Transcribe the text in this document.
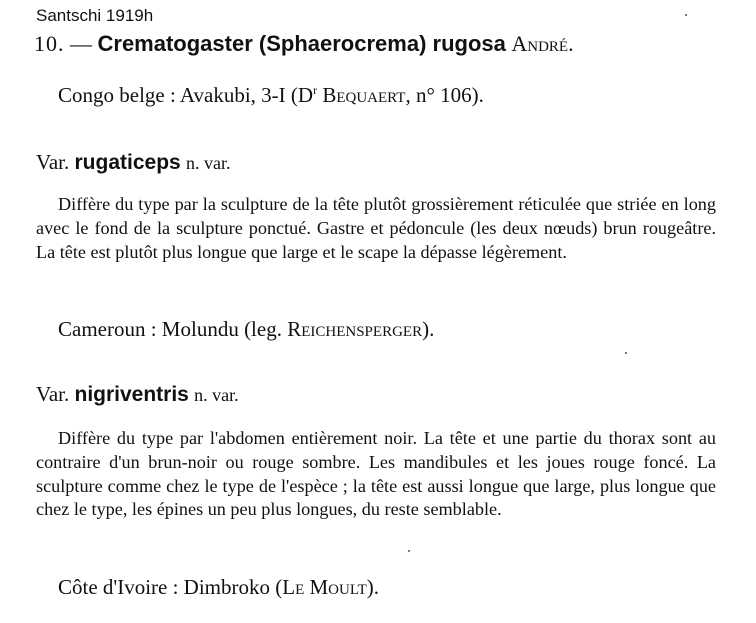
Santschi 1919h
10. — Crematogaster (Sphaerocrema) rugosa André.
Congo belge : Avakubi, 3-I ($D^r$ Bequaert, n° 106).
Var. rugaticeps n. var.
Diffère du type par la sculpture de la tête plutôt grossièrement réticulée que striée en long avec le fond de la sculpture ponctué. Gastre et pédoncule (les deux nœuds) brun rougeâtre. La tête est plutôt plus longue que large et le scape la dépasse légèrement.
Cameroun : Molundu (leg. Reichensperger).
Var. nigriventris n. var.
Diffère du type par l'abdomen entièrement noir. La tête et une partie du thorax sont au contraire d'un brun-noir ou rouge sombre. Les mandibules et les joues rouge foncé. La sculpture comme chez le type de l'espèce ; la tête est aussi longue que large, plus longue que chez le type, les épines un peu plus longues, du reste semblable.
Côte d'Ivoire : Dimbroko (Le Moult).
